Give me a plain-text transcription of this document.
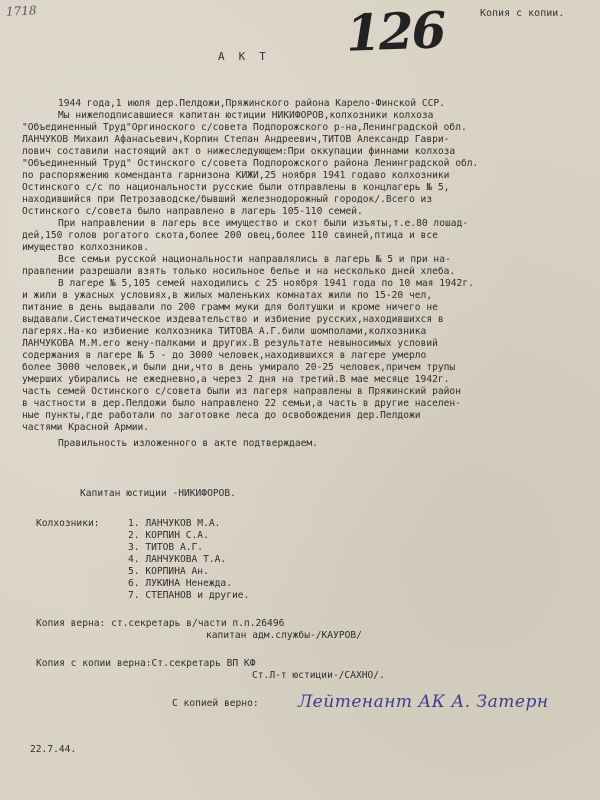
1718	126	Копия с копии.
АКТ
1944 года,1 июля дер.Пелдожи,Пряжинского района Карело-Финской ССР.
Мы нижеподписавшиеся капитан юстиции НИКИФОРОВ,колхозники колхоза
"Объединенный Труд"Оргиноского с/совета Подпорожского р-на,Ленинградской обл.
ЛАНЧУКОВ Михаил Афанасьевич,Корпин Степан Андреевич,ТИТОВ Александр Гаври-
лович составили настоящий акт о нижеследующем:При оккупации финнами колхоза
"Объединенный Труд" Остинского с/совета Подпорожского района Ленинградской обл.
по распоряжению коменданта гарнизона КИЖИ,25 ноября 1941 годаво колхозники
Остинского с/с по национальности русские были отправлены в концлагерь № 5,
находившийся при Петрозаводске/бывший железнодорожный городок/.Всего из
Остинского с/совета было направлено в лагерь 105-110 семей.
При направлении в лагерь все имущество и скот были изъяты,т.е.80 лошад-
дей,150 голов рогатого скота,более 200 овец,более 110 свиней,птица и все
имущество колхозников.
Все семьи русской национальности направлялись в лагерь № 5 и при на-
правлении разрешали взять только носильное белье и на несколько дней хлеба.
В лагере № 5,105 семей находились с 25 ноября 1941 года по 10 мая 1942г.
и жили в ужасных условиях,в жилых маленьких комнатах жили по 15-20 чел,
питание в день выдавали по 200 грамм муки для болтушки и кроме ничего не
выдавали.Систематическое издевательство и избиение русских,находившихся в
лагерях.На-ко избиение колхозника ТИТОВА А.Г.били шомполами,колхозника
ЛАНЧУКОВА М.М.его жену-палками и других.В результате невыносимых условий
содержания в лагере № 5 - до 3000 человек,находившихся в лагере умерло
более 3000 человек,и были дни,что в день умирало 20-25 человек,причем трупы
умерших убирались не ежедневно,а через 2 дня на третий.В мае месяце 1942г.
часть семей Остинского с/совета были из лагеря направлены в Пряжинский район
в частности в дер.Пелдожи было направлено 22 семьи,а часть в другие населен-
ные пункты,где работали по заготовке леса до освобождения дер.Пелдожи
частями Красной Армии.
Правильность изложенного в акте подтверждаем.
Капитан юстиции -НИКИФОРОВ.
Колхозники:	1. ЛАНЧУКОВ М.А.
2. КОРПИН С.А.
3. ТИТОВ А.Г.
4. ЛАНЧУКОВА Т.А.
5. КОРПИНА Ан.
6. ЛУКИНА Ненежда.
7. СТЕПАНОВ и другие.
Копия верна: ст.секретарь в/части п.п.26496
капитан адм.службы-/КАУРОВ/
Копия с копии верна:Ст.секретарь ВП КФ
Ст.Л-т юстиции-/САХНО/.
С копией верно: Лейтенант АК А. Затерн
22.7.44.
